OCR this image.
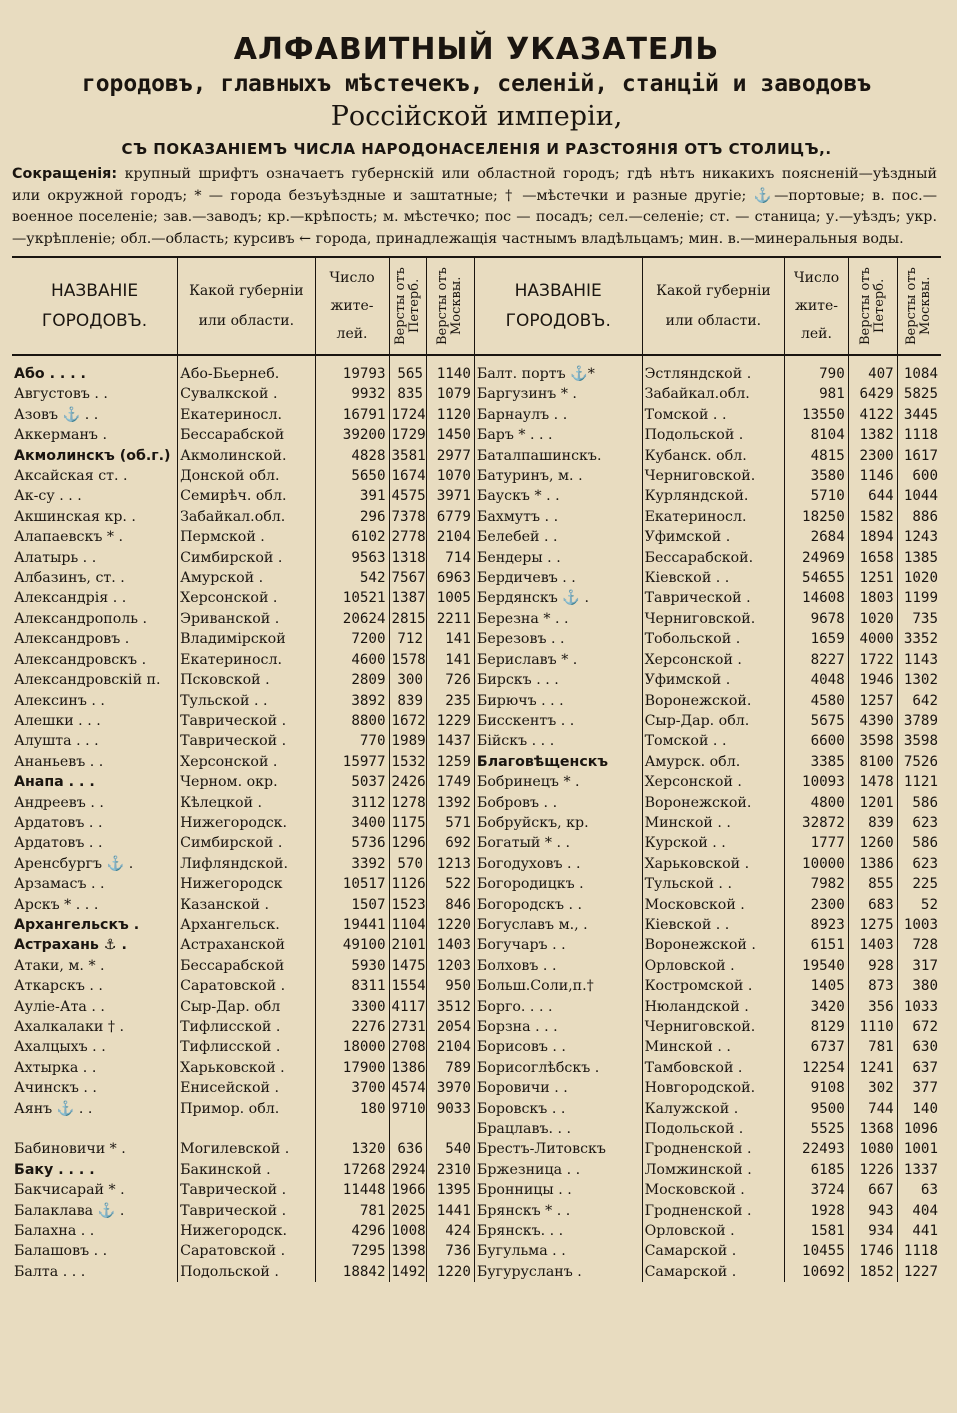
АЛФАВИТНЫЙ УКАЗАТЕЛЬ
городовъ, главныхъ мѣстечекъ, селеній, станцій и заводовъ
Россійской имперіи,
СЪ ПОКАЗАНІЕМЪ ЧИСЛА НАРОДОНАСЕЛЕНІЯ И РАЗСТОЯНІЯ ОТЪ СТОЛИЦЪ,.
Сокращенія: крупный шрифтъ означаетъ губернскій или областной городъ; гдѣ нѣтъ никакихъ поясненій—уѣздный или окружной городъ; * — города безъуѣздные и заштатные; † —мѣстечки и разные другіе; ⚓—портовые; в. пос.—военное поселеніе; зав.—заводъ; кр.—крѣпость; м. мѣстечко; пос — посадъ; сел.—селеніе; ст. — станица; у.—уѣздъ; укр.—укрѣпленіе; обл.—область; курсивъ ← города, принадлежащія частнымъ владѣльцамъ; мин. в.—минеральныя воды.
НАЗВАНІЕ ГОРОДОВЪ.	Какой губерніи или области.	Число жите-лей.	Версты отъ Петерб.	Версты отъ Москвы.	НАЗВАНІЕ ГОРОДОВЪ.	Какой губерніи или области.	Число жите-лей.	Версты отъ Петерб.	Версты отъ Москвы.

Або . . . .	Або-Бьернеб.	19793	565	1140	Балт. портъ ⚓*	Эстляндской .	790	407	1084
Августовъ . .	Сувалкской .	9932	835	1079	Баргузинъ * .	Забайкал.обл.	981	6429	5825
Азовъ ⚓ . .	Екатериносл.	16791	1724	1120	Барнаулъ . .	Томской . .	13550	4122	3445
Аккерманъ .	Бессарабской	39200	1729	1450	Баръ * . . .	Подольской .	8104	1382	1118
Акмолинскъ (об.г.)	Акмолинской.	4828	3581	2977	Баталпашинскъ.	Кубанск. обл.	4815	2300	1617
Аксайская ст. .	Донской обл.	5650	1674	1070	Батуринъ, м. .	Черниговской.	3580	1146	600
Ак-су . . .	Семирѣч. обл.	391	4575	3971	Баускъ * . .	Курляндской.	5710	644	1044
Акшинская кр. .	Забайкал.обл.	296	7378	6779	Бахмутъ . .	Екатериносл.	18250	1582	886
Алапаевскъ * .	Пермской .	6102	2778	2104	Белебей . .	Уфимской .	2684	1894	1243
Алатырь . .	Симбирской .	9563	1318	714	Бендеры . .	Бессарабской.	24969	1658	1385
Албазинъ, ст. .	Амурской .	542	7567	6963	Бердичевъ . .	Кіевской . .	54655	1251	1020
Александрія . .	Херсонской .	10521	1387	1005	Бердянскъ ⚓ .	Таврической .	14608	1803	1199
Александрополь .	Эриванской .	20624	2815	2211	Березна * . .	Черниговской.	9678	1020	735
Александровъ .	Владимірской	7200	712	141	Березовъ . .	Тобольской .	1659	4000	3352
Александровскъ .	Екатериносл.	4600	1578	141	Бериславъ * .	Херсонской .	8227	1722	1143
Александровскій п.	Псковской .	2809	300	726	Бирскъ . . .	Уфимской .	4048	1946	1302
Алексинъ . .	Тульской . .	3892	839	235	Бирючъ . . .	Воронежской.	4580	1257	642
Алешки . . .	Таврической .	8800	1672	1229	Бисскентъ . .	Сыр-Дар. обл.	5675	4390	3789
Алушта . . .	Таврической .	770	1989	1437	Бійскъ . . .	Томской . .	6600	3598	3598
Ананьевъ . .	Херсонской .	15977	1532	1259	Благовѣщенскъ	Амурск. обл.	3385	8100	7526
Анапа . . .	Черном. окр.	5037	2426	1749	Бобринецъ * .	Херсонской .	10093	1478	1121
Андреевъ . .	Кѣлецкой .	3112	1278	1392	Бобровъ . .	Воронежской.	4800	1201	586
Ардатовъ . .	Нижегородск.	3400	1175	571	Бобруйскъ, кр.	Минской . .	32872	839	623
Ардатовъ . .	Симбирской .	5736	1296	692	Богатый * . .	Курской . .	1777	1260	586
Аренсбургъ ⚓ .	Лифляндской.	3392	570	1213	Богодуховъ . .	Харьковской .	10000	1386	623
Арзамасъ . .	Нижегородск	10517	1126	522	Богородицкъ .	Тульской . .	7982	855	225
Арскъ * . . .	Казанской .	1507	1523	846	Богородскъ . .	Московской .	2300	683	52
Архангельскъ .	Архангельск.	19441	1104	1220	Богуславъ м., .	Кіевской . .	8923	1275	1003
Астрахань ⚓ .	Астраханской	49100	2101	1403	Богучаръ . .	Воронежской .	6151	1403	728
Атаки, м. * .	Бессарабской	5930	1475	1203	Болховъ . .	Орловской .	19540	928	317
Аткарскъ . .	Саратовской .	8311	1554	950	Больш.Соли,п.†	Костромской .	1405	873	380
Ауліе-Ата . .	Сыр-Дар. обл	3300	4117	3512	Борго. . . .	Нюландской .	3420	356	1033
Ахалкалаки † .	Тифлисской .	2276	2731	2054	Борзна . . .	Черниговской.	8129	1110	672
Ахалцыхъ . .	Тифлисской .	18000	2708	2104	Борисовъ . .	Минской . .	6737	781	630
Ахтырка . .	Харьковской .	17900	1386	789	Борисоглѣбскъ .	Тамбовской .	12254	1241	637
Ачинскъ . .	Енисейской .	3700	4574	3970	Боровичи . .	Новгородской.	9108	302	377
Аянъ ⚓ . .	Примор. обл.	180	9710	9033	Боровскъ . .	Калужской .	9500	744	140
					Брацлавъ. . .	Подольской .	5525	1368	1096
Бабиновичи * .	Могилевской .	1320	636	540	Брестъ-Литовскъ	Гродненской .	22493	1080	1001
Баку . . . .	Бакинской .	17268	2924	2310	Бржезница . .	Ломжинской .	6185	1226	1337
Бакчисарай * .	Таврической .	11448	1966	1395	Бронницы . .	Московской .	3724	667	63
Балаклава ⚓ .	Таврической .	781	2025	1441	Брянскъ * . .	Гродненской .	1928	943	404
Балахна . .	Нижегородск.	4296	1008	424	Брянскъ. . .	Орловской .	1581	934	441
Балашовъ . .	Саратовской .	7295	1398	736	Бугульма . .	Самарской .	10455	1746	1118
Балта . . .	Подольской .	18842	1492	1220	Бугурусланъ .	Самарской .	10692	1852	1227
